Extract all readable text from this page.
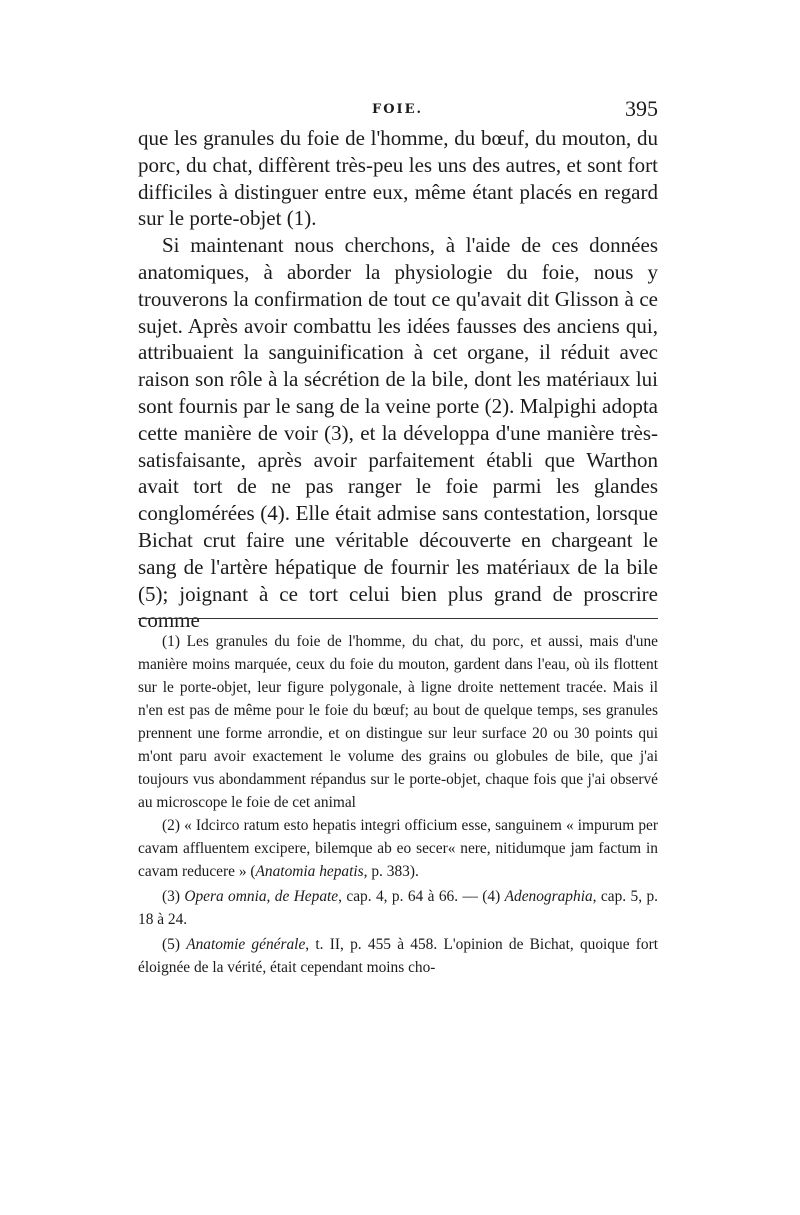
FOIE.	395

que les granules du foie de l'homme, du bœuf, du mouton, du porc, du chat, diffèrent très-peu les uns des autres, et sont fort difficiles à distinguer entre eux, même étant placés en regard sur le porte-objet (1).

Si maintenant nous cherchons, à l'aide de ces données anatomiques, à aborder la physiologie du foie, nous y trouverons la confirmation de tout ce qu'avait dit Glisson à ce sujet. Après avoir combattu les idées fausses des anciens qui, attribuaient la sanguinification à cet organe, il réduit avec raison son rôle à la sécrétion de la bile, dont les matériaux lui sont fournis par le sang de la veine porte (2). Malpighi adopta cette manière de voir (3), et la développa d'une manière très-satisfaisante, après avoir parfaitement établi que Warthon avait tort de ne pas ranger le foie parmi les glandes conglomérées (4). Elle était admise sans contestation, lorsque Bichat crut faire une véritable découverte en chargeant le sang de l'artère hépatique de fournir les matériaux de la bile (5); joignant à ce tort celui bien plus grand de proscrire comme

(1) Les granules du foie de l'homme, du chat, du porc, et aussi, mais d'une manière moins marquée, ceux du foie du mouton, gardent dans l'eau, où ils flottent sur le porte-objet, leur figure polygonale, à ligne droite nettement tracée. Mais il n'en est pas de même pour le foie du bœuf; au bout de quelque temps, ses granules prennent une forme arrondie, et on distingue sur leur surface 20 ou 30 points qui m'ont paru avoir exactement le volume des grains ou globules de bile, que j'ai toujours vus abondamment répandus sur le porte-objet, chaque fois que j'ai observé au microscope le foie de cet animal

(2) « Idcirco ratum esto hepatis integri officium esse, sanguinem « impurum per cavam affluentem excipere, bilemque ab eo secer« nere, nitidumque jam factum in cavam reducere » (Anatomia hepatis, p. 383).

(3) Opera omnia, de Hepate, cap. 4, p. 64 à 66. — (4) Adenographia, cap. 5, p. 18 à 24.

(5) Anatomie générale, t. II, p. 455 à 458. L'opinion de Bichat, quoique fort éloignée de la vérité, était cependant moins cho-
